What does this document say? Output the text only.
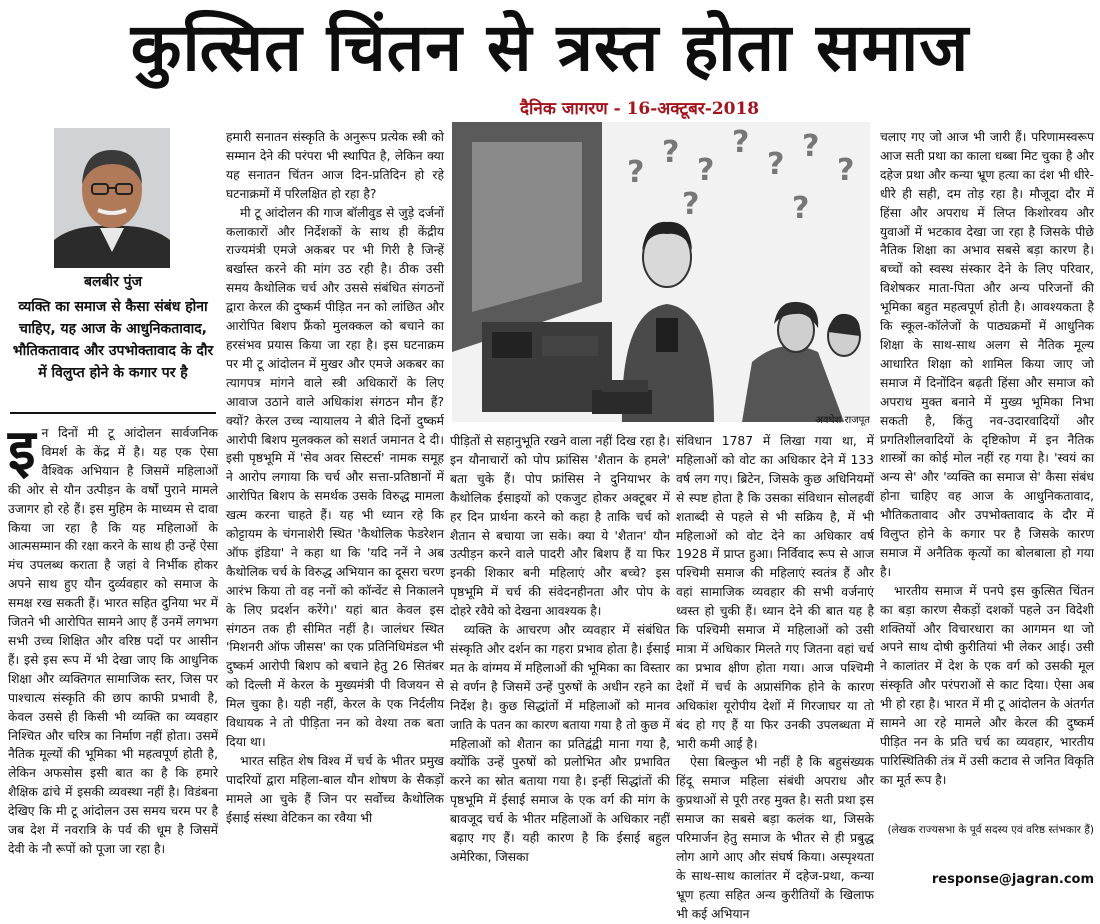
कुत्सित चिंतन से त्रस्त होता समाज
दैनिक जागरण - 16-अक्टूबर-2018
बलबीर पुंज
व्यक्ति का समाज से कैसा संबंध होना चाहिए, यह आज के आधुनिकतावाद, भौतिकतावाद और उपभोक्तावाद के दौर में विलुप्त होने के कगार पर है
?
?
?
?
?
?
?
?	?
अवधेश राजपूत

इन दिनों मी टू आंदोलन सार्वजनिक विमर्श के केंद्र में है। यह एक ऐसा वैश्विक अभियान है जिसमें महिलाओं की ओर से यौन उत्पीड़न के वर्षों पुराने मामले उजागर हो रहे हैं। इस मुहिम के माध्यम से दावा किया जा रहा है कि यह महिलाओं के आत्मसम्मान की रक्षा करने के साथ ही उन्हें ऐसा मंच उपलब्ध कराता है जहां वे निर्भीक होकर अपने साथ हुए यौन दुर्व्यवहार को समाज के समक्ष रख सकती हैं। भारत सहित दुनिया भर में जितने भी आरोपित सामने आए हैं उनमें लगभग सभी उच्च शिक्षित और वरिष्ठ पदों पर आसीन हैं। इसे इस रूप में भी देखा जाए कि आधुनिक शिक्षा और व्यक्तिगत सामाजिक स्तर, जिस पर पाश्चात्य संस्कृति की छाप काफी प्रभावी है, केवल उससे ही किसी भी व्यक्ति का व्यवहार निश्चित और चरित्र का निर्माण नहीं होता। उसमें नैतिक मूल्यों की भूमिका भी महत्वपूर्ण होती है, लेकिन अफसोस इसी बात का है कि हमारे शैक्षिक ढांचे में इसकी व्यवस्था नहीं है। विडंबना देखिए कि मी टू आंदोलन उस समय चरम पर है जब देश में नवरात्रि के पर्व की धूम है जिसमें देवी के नौ रूपों को पूजा जा रहा है।

हमारी सनातन संस्कृति के अनुरूप प्रत्येक स्त्री को सम्मान देने की परंपरा भी स्थापित है, लेकिन क्या यह सनातन चिंतन आज दिन-प्रतिदिन हो रहे घटनाक्रमों में परिलक्षित हो रहा है?

मी टू आंदोलन की गाज बॉलीवुड से जुड़े दर्जनों कलाकारों और निर्देशकों के साथ ही केंद्रीय राज्यमंत्री एमजे अकबर पर भी गिरी है जिन्हें बर्खास्त करने की मांग उठ रही है। ठीक उसी समय कैथोलिक चर्च और उससे संबंधित संगठनों द्वारा केरल की दुष्कर्म पीड़ित नन को लांछित और आरोपित बिशप फ्रैंको मुलक्कल को बचाने का हरसंभव प्रयास किया जा रहा है। इस घटनाक्रम पर मी टू आंदोलन में मुखर और एमजे अकबर का त्यागपत्र मांगने वाले स्त्री अधिकारों के लिए आवाज उठाने वाले अधिकांश संगठन मौन हैं? क्यों? केरल उच्च न्यायालय ने बीते दिनों दुष्कर्म आरोपी बिशप मुलक्कल को सशर्त जमानत दे दी। इसी पृष्ठभूमि में 'सेव अवर सिस्टर्स' नामक समूह ने आरोप लगाया कि चर्च और सत्ता-प्रतिष्ठानों में आरोपित बिशप के समर्थक उसके विरुद्ध मामला खत्म करना चाहते हैं। यह भी ध्यान रहे कि कोट्टायम के चंगनाशेरी स्थित 'कैथोलिक फेडरेशन ऑफ इंडिया' ने कहा था कि 'यदि ननें ने अब कैथोलिक चर्च के विरुद्ध अभियान का दूसरा चरण आरंभ किया तो वह ननों को कॉन्वेंट से निकालने के लिए प्रदर्शन करेंगे।' यहां बात केवल इस संगठन तक ही सीमित नहीं है। जालंधर स्थित 'मिशनरी ऑफ जीसस' का एक प्रतिनिधिमंडल भी दुष्कर्म आरोपी बिशप को बचाने हेतु 26 सितंबर को दिल्ली में केरल के मुख्यमंत्री पी विजयन से मिल चुका है। यही नहीं, केरल के एक निर्दलीय विधायक ने तो पीड़िता नन को वेश्या तक बता दिया था।

भारत सहित शेष विश्व में चर्च के भीतर प्रमुख पादरियों द्वारा महिला-बाल यौन शोषण के सैकड़ों मामले आ चुके हैं जिन पर सर्वोच्च कैथोलिक ईसाई संस्था वेटिकन का रवैया भी

पीड़ितों से सहानुभूति रखने वाला नहीं दिख रहा है। इन यौनाचारों को पोप फ्रांसिस 'शैतान के हमले' बता चुके हैं। पोप फ्रांसिस ने दुनियाभर के कैथोलिक ईसाइयों को एकजुट होकर अक्टूबर में हर दिन प्रार्थना करने को कहा है ताकि चर्च को शैतान से बचाया जा सके। क्या ये 'शैतान' यौन उत्पीड़न करने वाले पादरी और बिशप हैं या फिर इनकी शिकार बनी महिलाएं और बच्चे? इस पृष्ठभूमि में चर्च की संवेदनहीनता और पोप के दोहरे रवैये को देखना आवश्यक है।

व्यक्ति के आचरण और व्यवहार में संबंधित संस्कृति और दर्शन का गहरा प्रभाव होता है। ईसाई मत के वांग्मय में महिलाओं की भूमिका का विस्तार से वर्णन है जिसमें उन्हें पुरुषों के अधीन रहने का निर्देश है। कुछ सिद्धांतों में महिलाओं को मानव जाति के पतन का कारण बताया गया है तो कुछ में महिलाओं को शैतान का प्रतिद्वंद्वी माना गया है, क्योंकि उन्हें पुरुषों को प्रलोभित और प्रभावित करने का स्रोत बताया गया है। इन्हीं सिद्धांतों की पृष्ठभूमि में ईसाई समाज के एक वर्ग की मांग के बावजूद चर्च के भीतर महिलाओं के अधिकार नहीं बढ़ाए गए हैं। यही कारण है कि ईसाई बहुल अमेरिका, जिसका

संविधान 1787 में लिखा गया था, में महिलाओं को वोट का अधिकार देने में 133 वर्ष लग गए। ब्रिटेन, जिसके कुछ अधिनियमों से स्पष्ट होता है कि उसका संविधान सोलहवीं शताब्दी से पहले से भी सक्रिय है, में भी महिलाओं को वोट देने का अधिकार वर्ष 1928 में प्राप्त हुआ। निर्विवाद रूप से आज पश्चिमी समाज की महिलाएं स्वतंत्र हैं और वहां सामाजिक व्यवहार की सभी वर्जनाएं ध्वस्त हो चुकी हैं। ध्यान देने की बात यह है कि पश्चिमी समाज में महिलाओं को उसी मात्रा में अधिकार मिलते गए जितना वहां चर्च का प्रभाव क्षीण होता गया। आज पश्चिमी देशों में चर्च के अप्रासंगिक होने के कारण अधिकांश यूरोपीय देशों में गिरजाघर या तो बंद हो गए हैं या फिर उनकी उपलब्धता में भारी कमी आई है।

ऐसा बिल्कुल भी नहीं है कि बहुसंख्यक हिंदू समाज महिला संबंधी अपराध और कुप्रथाओं से पूरी तरह मुक्त है। सती प्रथा इस समाज का सबसे बड़ा कलंक था, जिसके परिमार्जन हेतु समाज के भीतर से ही प्रबुद्ध लोग आगे आए और संघर्ष किया। अस्पृश्यता के साथ-साथ कालांतर में दहेज-प्रथा, कन्या भ्रूण हत्या सहित अन्य कुरीतियों के खिलाफ भी कई अभियान

चलाए गए जो आज भी जारी हैं। परिणामस्वरूप आज सती प्रथा का काला धब्बा मिट चुका है और दहेज प्रथा और कन्या भ्रूण हत्या का दंश भी धीरे-धीरे ही सही, दम तोड़ रहा है। मौजूदा दौर में हिंसा और अपराध में लिप्त किशोरवय और युवाओं में भटकाव देखा जा रहा है जिसके पीछे नैतिक शिक्षा का अभाव सबसे बड़ा कारण है। बच्चों को स्वस्थ संस्कार देने के लिए परिवार, विशेषकर माता-पिता और अन्य परिजनों की भूमिका बहुत महत्वपूर्ण होती है। आवश्यकता है कि स्कूल-कॉलेजों के पाठ्यक्रमों में आधुनिक शिक्षा के साथ-साथ अलग से नैतिक मूल्य आधारित शिक्षा को शामिल किया जाए जो समाज में दिनोंदिन बढ़ती हिंसा और समाज को अपराध मुक्त बनाने में मुख्य भूमिका निभा सकती है, किंतु नव-उदारवादियों और प्रगतिशीलवादियों के दृष्टिकोण में इन नैतिक शास्त्रों का कोई मोल नहीं रह गया है। 'स्वयं का अन्य से' और 'व्यक्ति का समाज से' कैसा संबंध होना चाहिए वह आज के आधुनिकतावाद, भौतिकतावाद और उपभोक्तावाद के दौर में विलुप्त होने के कगार पर है जिसके कारण समाज में अनैतिक कृत्यों का बोलबाला हो गया है।

भारतीय समाज में पनपे इस कुत्सित चिंतन का बड़ा कारण सैकड़ों दशकों पहले उन विदेशी शक्तियों और विचारधारा का आगमन था जो अपने साथ दोषी कुरीतियां भी लेकर आई। उसी ने कालांतर में देश के एक वर्ग को उसकी मूल संस्कृति और परंपराओं से काट दिया। ऐसा अब भी हो रहा है। भारत में मी टू आंदोलन के अंतर्गत सामने आ रहे मामले और केरल की दुष्कर्म पीड़ित नन के प्रति चर्च का व्यवहार, भारतीय पारिस्थितिकी तंत्र में उसी कटाव से जनित विकृति का मूर्त रूप है।

(लेखक राज्यसभा के पूर्व सदस्य एवं वरिष्ठ स्तंभकार हैं)
response@jagran.com
